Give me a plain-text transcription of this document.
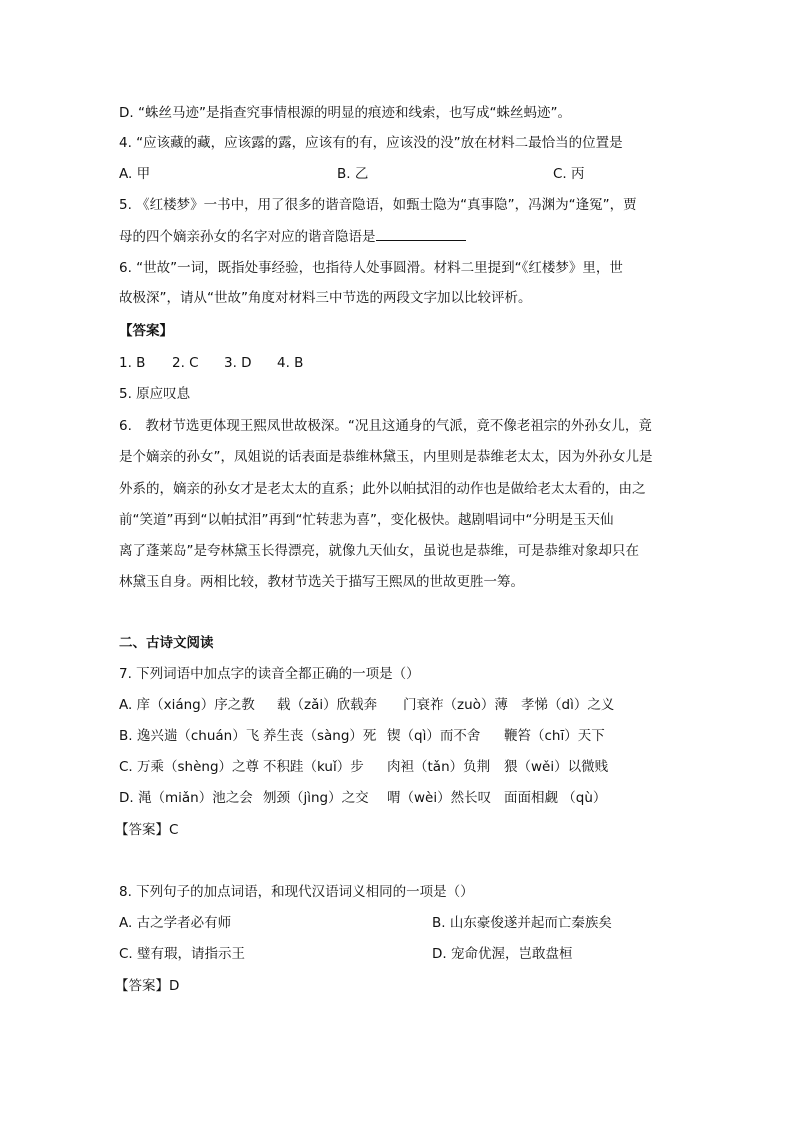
D. “蛛丝马迹”是指查究事情根源的明显的痕迹和线索，也写成“蛛丝蚂迹”。
4. “应该藏的藏，应该露的露，应该有的有，应该没的没”放在材料二最恰当的位置是
A. 甲	B. 乙	C. 丙
5. 《红楼梦》一书中，用了很多的谐音隐语，如甄士隐为“真事隐”，冯渊为“逢冤”，贾
母的四个嫡亲孙女的名字对应的谐音隐语是
6. “世故”一词，既指处事经验，也指待人处事圆滑。材料二里提到“《红楼梦》里，世
故极深”，请从“世故”角度对材料三中节选的两段文字加以比较评析。
【答案】
1. B 2. C 3. D 4. B
5. 原应叹息
6.　教材节选更体现王熙凤世故极深。“况且这通身的气派，竟不像老祖宗的外孙女儿，竟
是个嫡亲的孙女”，凤姐说的话表面是恭维林黛玉，内里则是恭维老太太，因为外孙女儿是
外系的，嫡亲的孙女才是老太太的直系；此外以帕拭泪的动作也是做给老太太看的，由之
前“笑道”再到“以帕拭泪”再到“忙转悲为喜”，变化极快。越剧唱词中“分明是玉天仙
离了蓬莱岛”是夸林黛玉长得漂亮，就像九天仙女，虽说也是恭维，可是恭维对象却只在
林黛玉自身。两相比较，教材节选关于描写王熙凤的世故更胜一筹。
二、古诗文阅读
7. 下列词语中加点字的读音全都正确的一项是（）
A. 庠（xiáng）序之教 载（zǎi）欣载奔 门衰祚（zuò）薄 孝悌（dì）之义
B. 逸兴遄（chuán）飞 养生丧（sàng）死 锲（qì）而不舍 鞭笞（chī）天下
C. 万乘（shèng）之尊 不积跬（kuǐ）步 肉袒（tǎn）负荆 猥（wěi）以微贱
D. 渑（miǎn）池之会 刎颈（jìng）之交 喟（wèi）然长叹 面面相觑 （qù）
【答案】C
8. 下列句子的加点词语，和现代汉语词义相同的一项是（）
A. 古之学者必有师	B. 山东豪俊遂并起而亡秦族矣
C. 璧有瑕，请指示王	D. 宠命优渥，岂敢盘桓
【答案】D
